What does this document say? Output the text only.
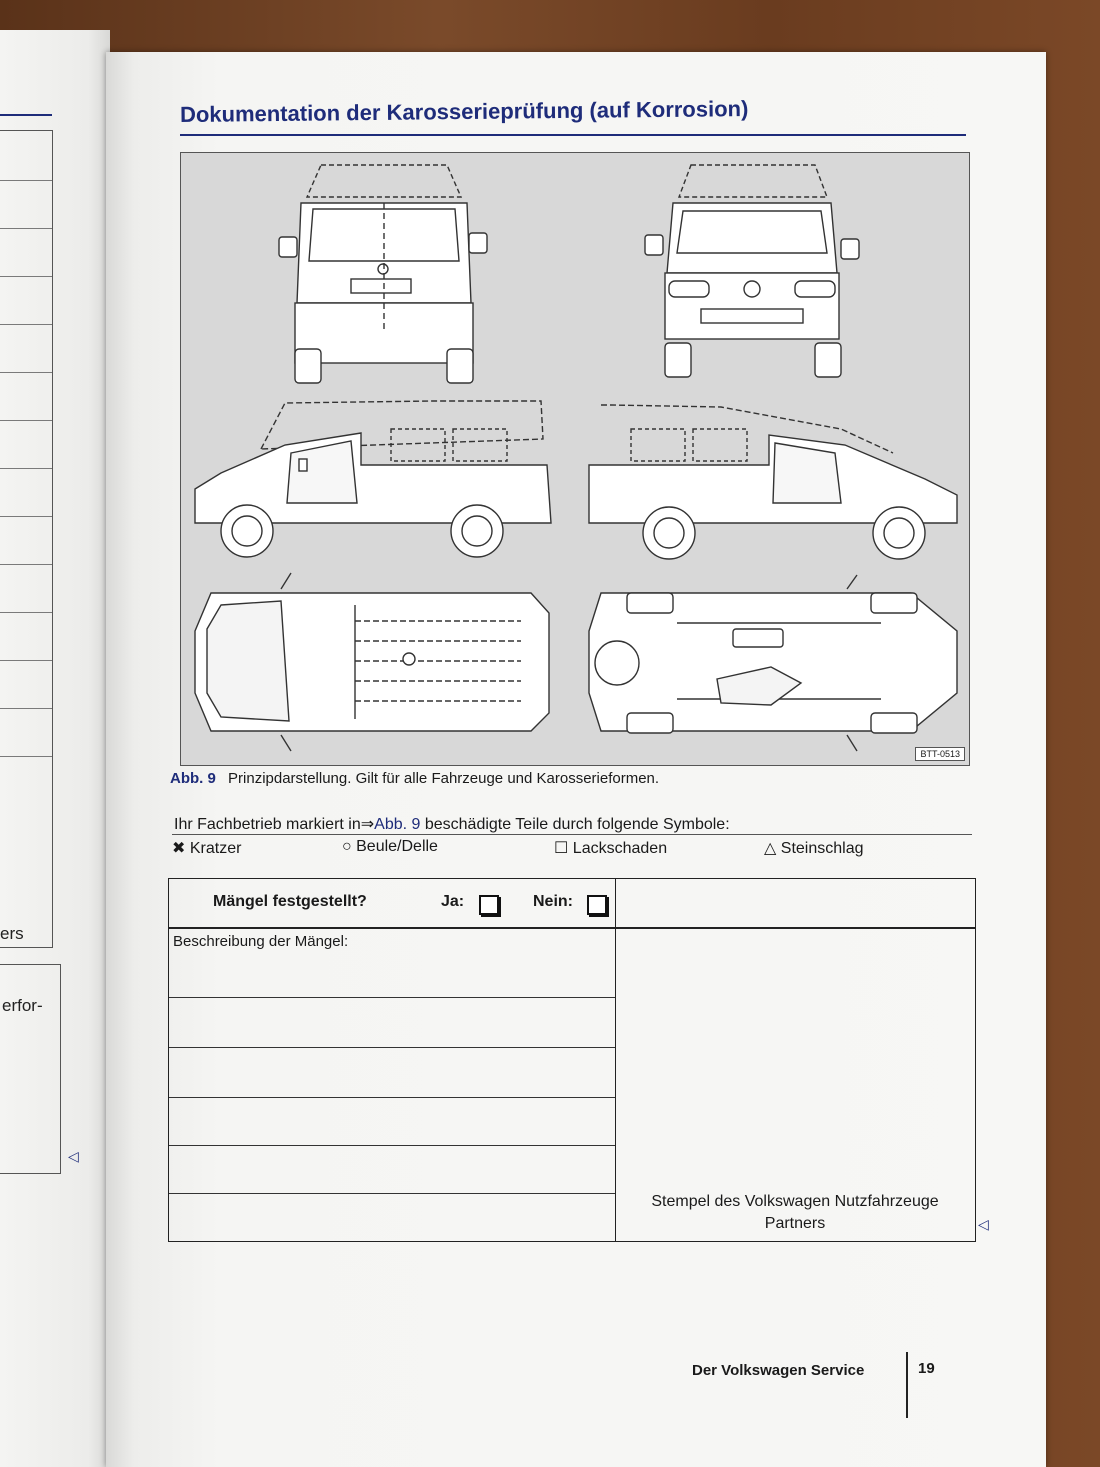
ers
erfor-
◁
Dokumentation der Karosserieprüfung (auf Korrosion)
BTT-0513
Abb. 9 Prinzipdarstellung. Gilt für alle Fahrzeuge und Karosserieformen.
Ihr Fachbetrieb markiert in⇒Abb. 9 beschädigte Teile durch folgende Symbole:
✖ Kratzer	○ Beule/Delle	☐ Lackschaden	△ Steinschlag
Mängel festgestellt?	Ja:	Nein:
Beschreibung der Mängel:
Stempel des Volkswagen Nutzfahrzeuge
Partners	◁
Der Volkswagen Service	19
